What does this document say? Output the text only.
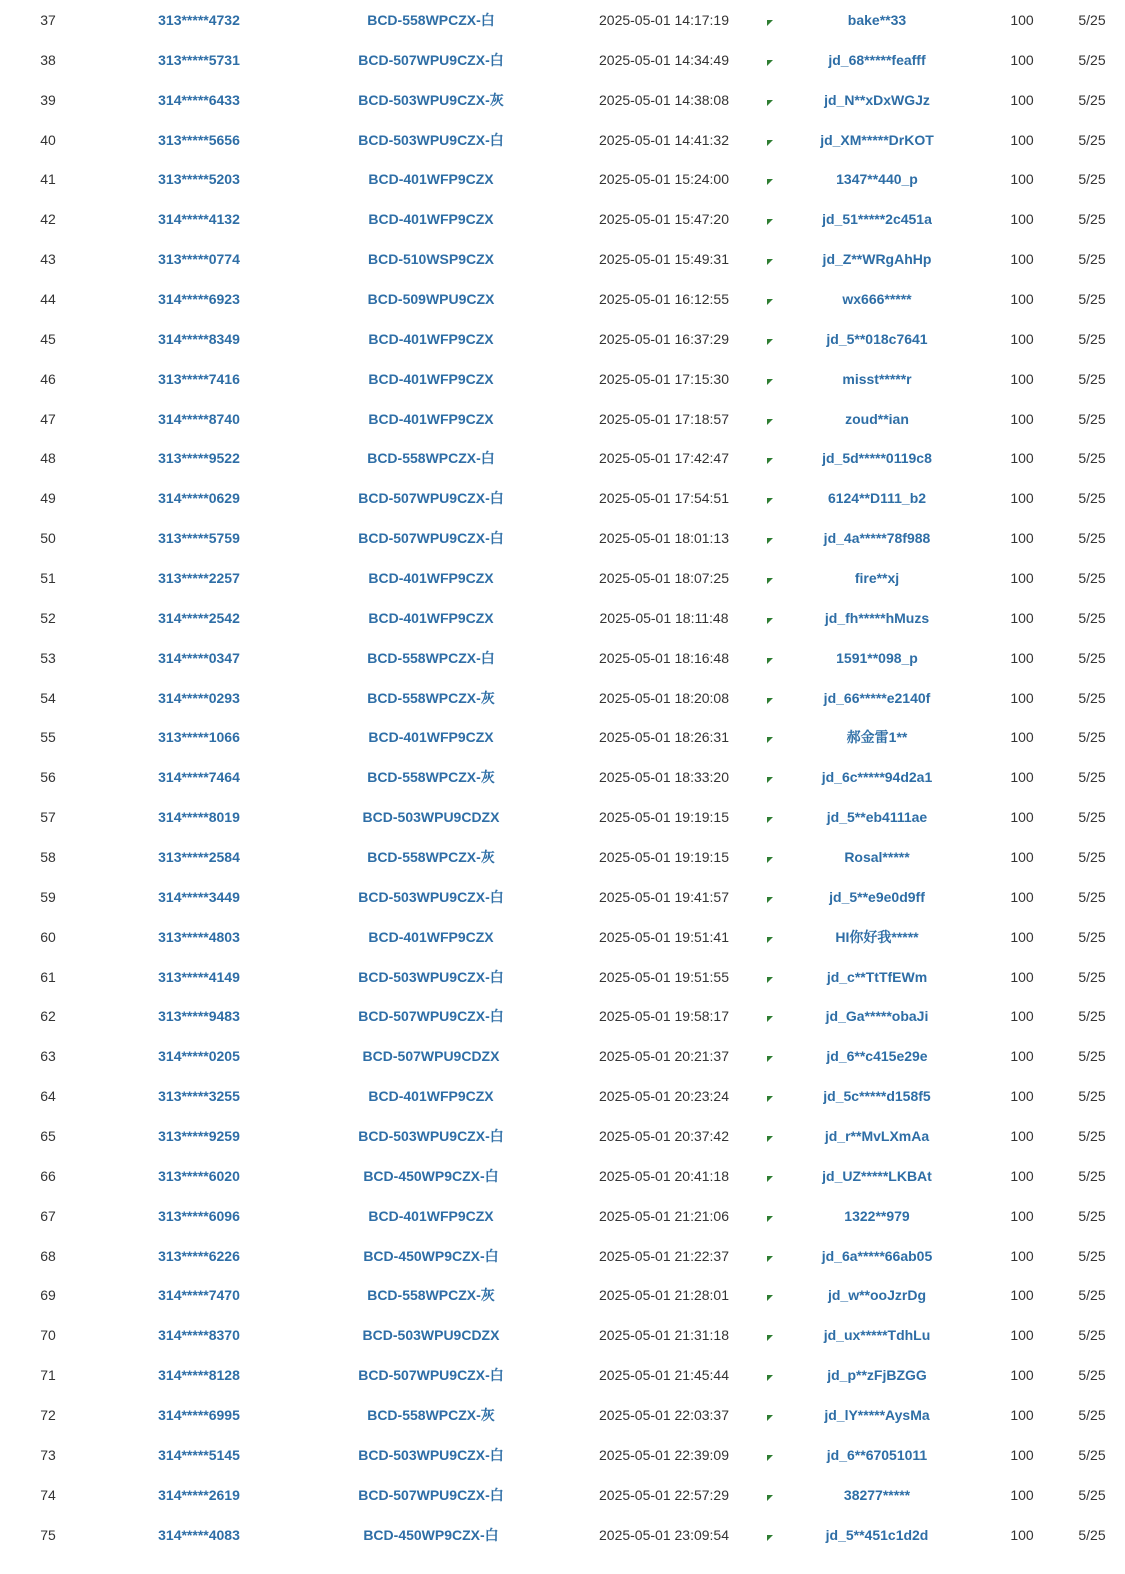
37	313*****4732	BCD-558WPCZX-白	2025-05-01 14:17:19	bake**33	100	5/25
38	313*****5731	BCD-507WPU9CZX-白	2025-05-01 14:34:49	jd_68*****feafff	100	5/25
39	314*****6433	BCD-503WPU9CZX-灰	2025-05-01 14:38:08	jd_N**xDxWGJz	100	5/25
40	313*****5656	BCD-503WPU9CZX-白	2025-05-01 14:41:32	jd_XM*****DrKOT	100	5/25
41	313*****5203	BCD-401WFP9CZX	2025-05-01 15:24:00	1347**440_p	100	5/25
42	314*****4132	BCD-401WFP9CZX	2025-05-01 15:47:20	jd_51*****2c451a	100	5/25
43	313*****0774	BCD-510WSP9CZX	2025-05-01 15:49:31	jd_Z**WRgAhHp	100	5/25
44	314*****6923	BCD-509WPU9CZX	2025-05-01 16:12:55	wx666*****	100	5/25
45	314*****8349	BCD-401WFP9CZX	2025-05-01 16:37:29	jd_5**018c7641	100	5/25
46	313*****7416	BCD-401WFP9CZX	2025-05-01 17:15:30	misst*****r	100	5/25
47	314*****8740	BCD-401WFP9CZX	2025-05-01 17:18:57	zoud**ian	100	5/25
48	313*****9522	BCD-558WPCZX-白	2025-05-01 17:42:47	jd_5d*****0119c8	100	5/25
49	314*****0629	BCD-507WPU9CZX-白	2025-05-01 17:54:51	6124**D111_b2	100	5/25
50	313*****5759	BCD-507WPU9CZX-白	2025-05-01 18:01:13	jd_4a*****78f988	100	5/25
51	313*****2257	BCD-401WFP9CZX	2025-05-01 18:07:25	fire**xj	100	5/25
52	314*****2542	BCD-401WFP9CZX	2025-05-01 18:11:48	jd_fh*****hMuzs	100	5/25
53	314*****0347	BCD-558WPCZX-白	2025-05-01 18:16:48	1591**098_p	100	5/25
54	314*****0293	BCD-558WPCZX-灰	2025-05-01 18:20:08	jd_66*****e2140f	100	5/25
55	313*****1066	BCD-401WFP9CZX	2025-05-01 18:26:31	郝金雷1**	100	5/25
56	314*****7464	BCD-558WPCZX-灰	2025-05-01 18:33:20	jd_6c*****94d2a1	100	5/25
57	314*****8019	BCD-503WPU9CDZX	2025-05-01 19:19:15	jd_5**eb4111ae	100	5/25
58	313*****2584	BCD-558WPCZX-灰	2025-05-01 19:19:15	Rosal*****	100	5/25
59	314*****3449	BCD-503WPU9CZX-白	2025-05-01 19:41:57	jd_5**e9e0d9ff	100	5/25
60	313*****4803	BCD-401WFP9CZX	2025-05-01 19:51:41	HI你好我*****	100	5/25
61	313*****4149	BCD-503WPU9CZX-白	2025-05-01 19:51:55	jd_c**TtTfEWm	100	5/25
62	313*****9483	BCD-507WPU9CZX-白	2025-05-01 19:58:17	jd_Ga*****obaJi	100	5/25
63	314*****0205	BCD-507WPU9CDZX	2025-05-01 20:21:37	jd_6**c415e29e	100	5/25
64	313*****3255	BCD-401WFP9CZX	2025-05-01 20:23:24	jd_5c*****d158f5	100	5/25
65	313*****9259	BCD-503WPU9CZX-白	2025-05-01 20:37:42	jd_r**MvLXmAa	100	5/25
66	313*****6020	BCD-450WP9CZX-白	2025-05-01 20:41:18	jd_UZ*****LKBAt	100	5/25
67	313*****6096	BCD-401WFP9CZX	2025-05-01 21:21:06	1322**979	100	5/25
68	313*****6226	BCD-450WP9CZX-白	2025-05-01 21:22:37	jd_6a*****66ab05	100	5/25
69	314*****7470	BCD-558WPCZX-灰	2025-05-01 21:28:01	jd_w**ooJzrDg	100	5/25
70	314*****8370	BCD-503WPU9CDZX	2025-05-01 21:31:18	jd_ux*****TdhLu	100	5/25
71	314*****8128	BCD-507WPU9CZX-白	2025-05-01 21:45:44	jd_p**zFjBZGG	100	5/25
72	314*****6995	BCD-558WPCZX-灰	2025-05-01 22:03:37	jd_lY*****AysMa	100	5/25
73	314*****5145	BCD-503WPU9CZX-白	2025-05-01 22:39:09	jd_6**67051011	100	5/25
74	314*****2619	BCD-507WPU9CZX-白	2025-05-01 22:57:29	38277*****	100	5/25
75	314*****4083	BCD-450WP9CZX-白	2025-05-01 23:09:54	jd_5**451c1d2d	100	5/25
